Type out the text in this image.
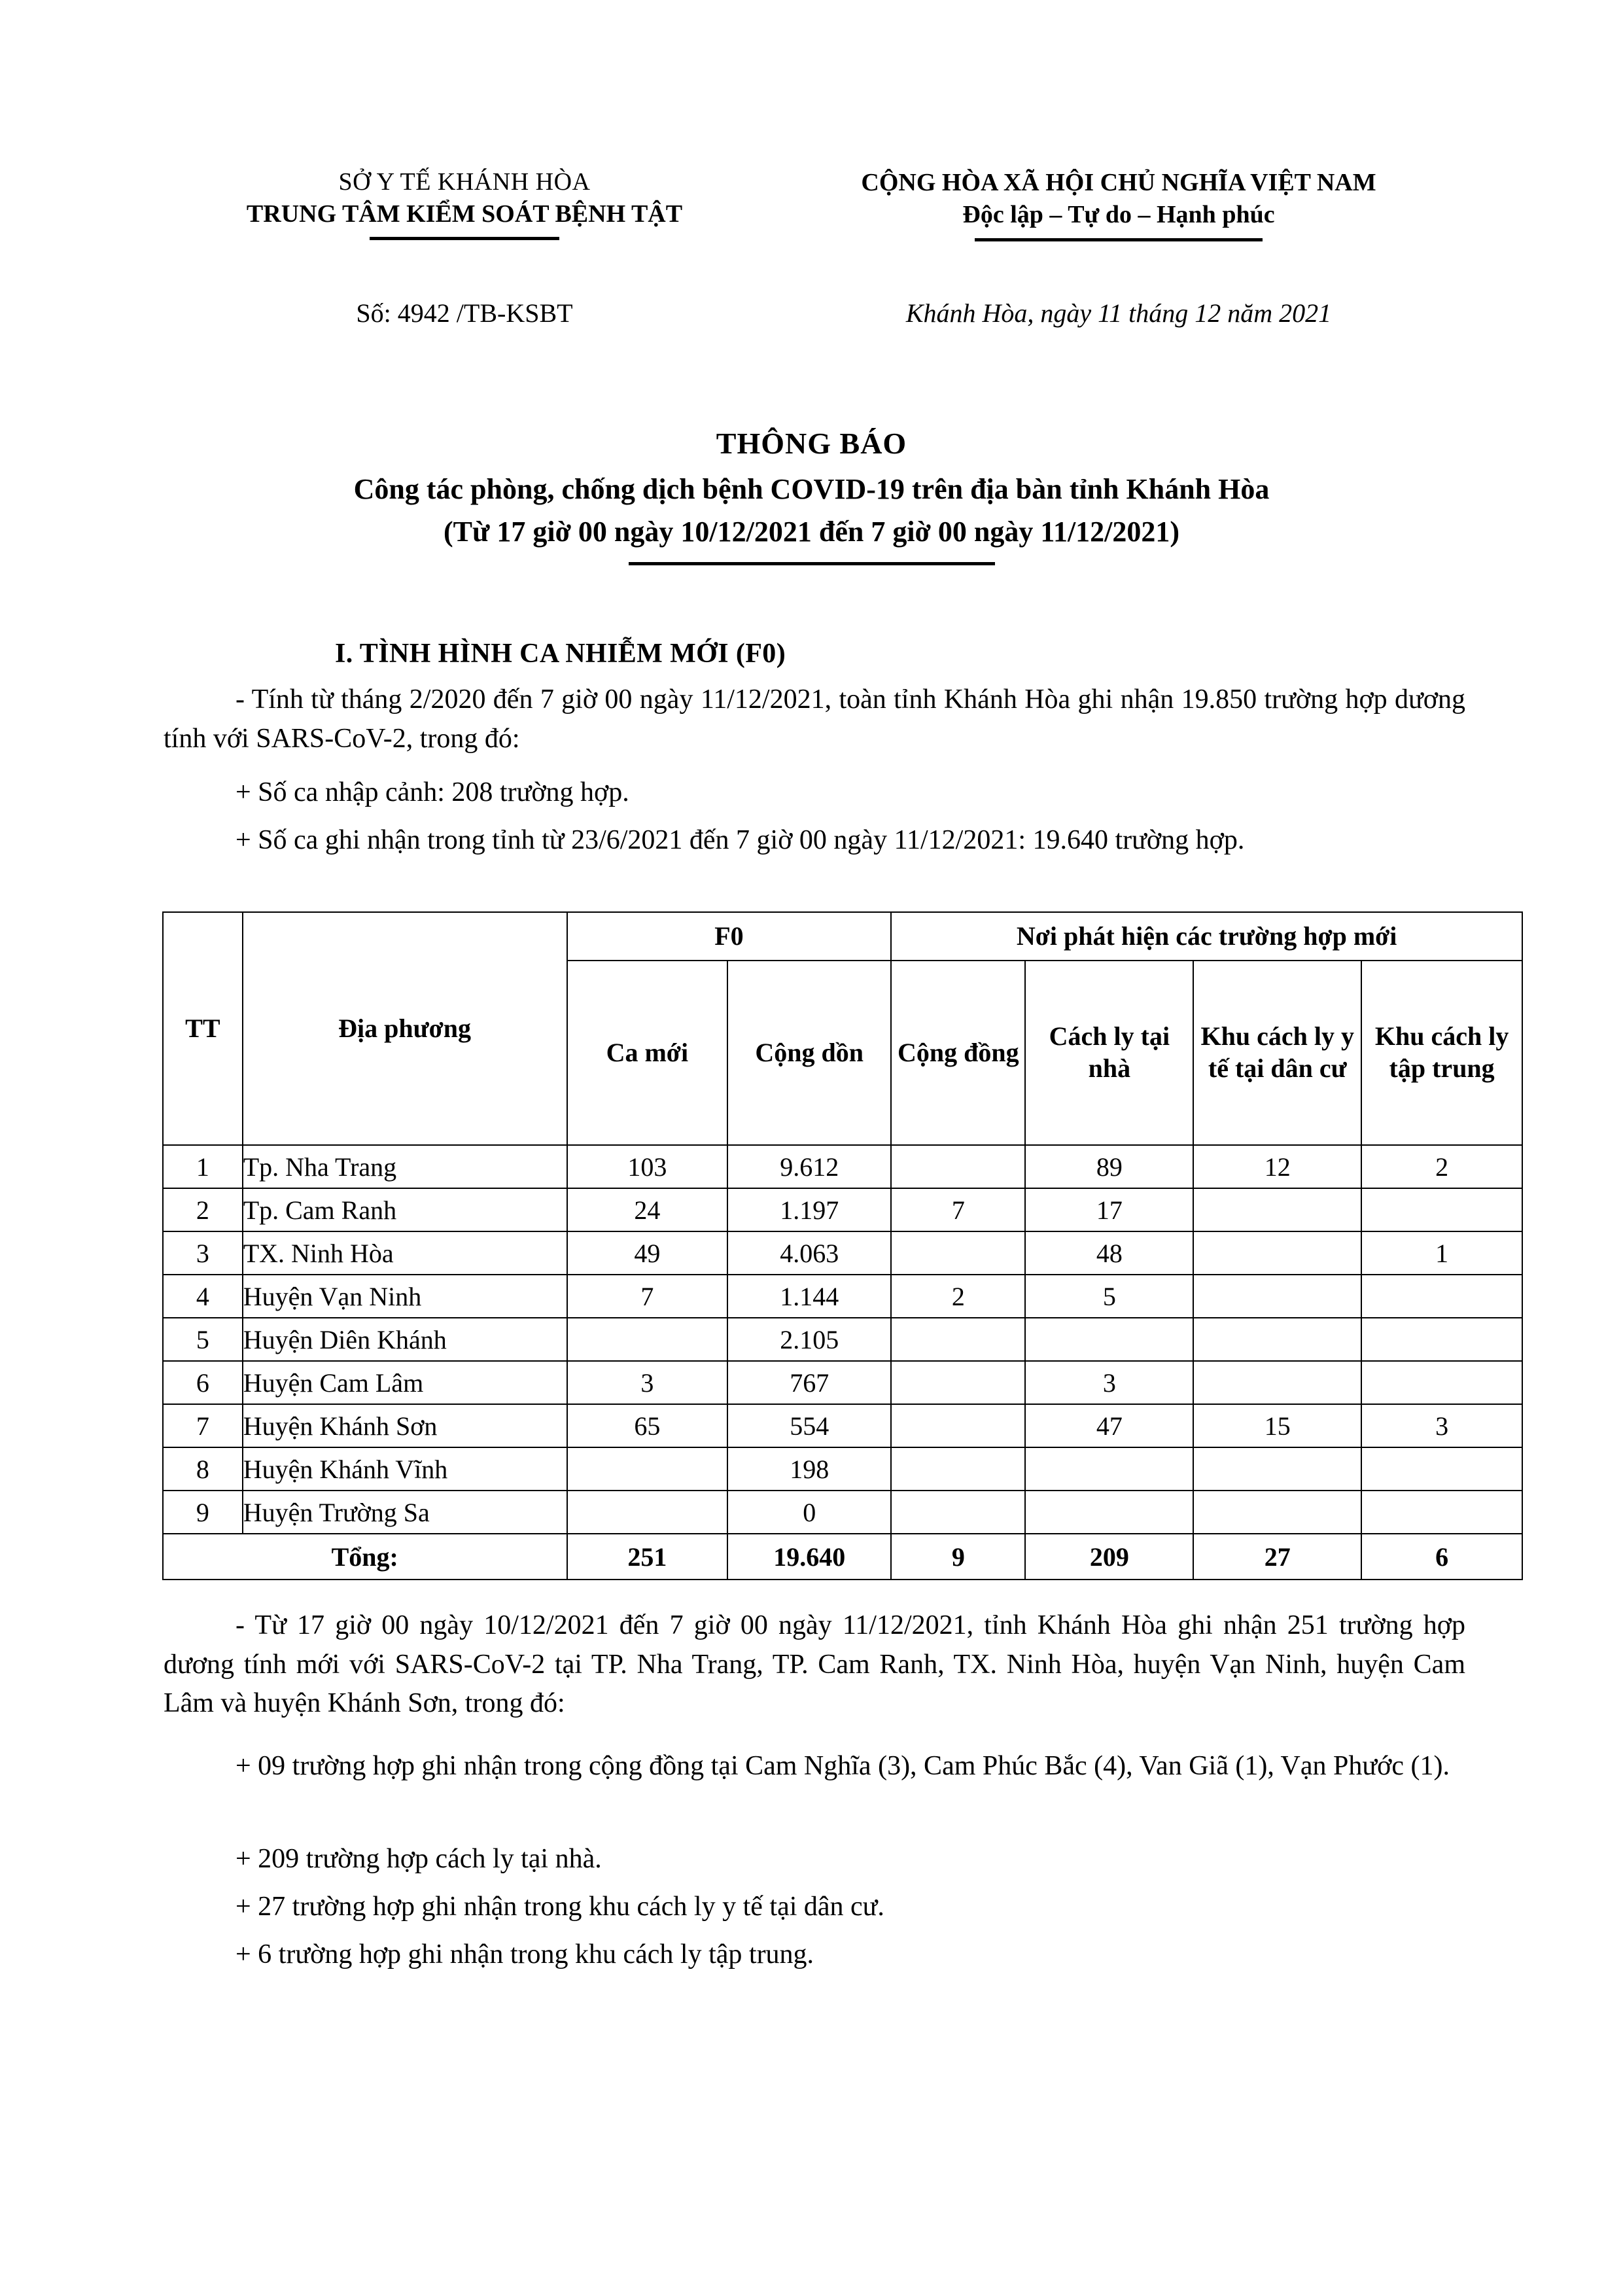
SỞ Y TẾ KHÁNH HÒA
TRUNG TÂM KIỂM SOÁT BỆNH TẬT
CỘNG HÒA XÃ HỘI CHỦ NGHĨA VIỆT NAM
Độc lập – Tự do – Hạnh phúc
Số: 4942 /TB-KSBT	Khánh Hòa, ngày 11 tháng 12 năm 2021
THÔNG BÁO
Công tác phòng, chống dịch bệnh COVID-19 trên địa bàn tỉnh Khánh Hòa
(Từ 17 giờ 00 ngày 10/12/2021 đến 7 giờ 00 ngày 11/12/2021)
I. TÌNH HÌNH CA NHIỄM MỚI (F0)
- Tính từ tháng 2/2020 đến 7 giờ 00 ngày 11/12/2021, toàn tỉnh Khánh Hòa ghi nhận 19.850 trường hợp dương tính với SARS-CoV-2, trong đó:
+ Số ca nhập cảnh: 208 trường hợp.
+ Số ca ghi nhận trong tỉnh từ 23/6/2021 đến 7 giờ 00 ngày 11/12/2021: 19.640 trường hợp.
TT	Địa phương	F0		Nơi phát hiện các trường hợp mới			
		Ca mới	Cộng dồn	Cộng đồng	Cách ly tại nhà	Khu cách ly y tế tại dân cư	Khu cách ly tập trung
1	Tp. Nha Trang	103	9.612		89	12	2
2	Tp. Cam Ranh	24	1.197	7	17		
3	TX. Ninh Hòa	49	4.063		48		1
4	Huyện Vạn Ninh	7	1.144	2	5		
5	Huyện Diên Khánh		2.105				
6	Huyện Cam Lâm	3	767		3		
7	Huyện Khánh Sơn	65	554		47	15	3
8	Huyện Khánh Vĩnh		198				
9	Huyện Trường Sa		0				
Tổng:		251	19.640	9	209	27	6
- Từ 17 giờ 00 ngày 10/12/2021 đến 7 giờ 00 ngày 11/12/2021, tỉnh Khánh Hòa ghi nhận 251 trường hợp dương tính mới với SARS-CoV-2 tại TP. Nha Trang, TP. Cam Ranh, TX. Ninh Hòa, huyện Vạn Ninh, huyện Cam Lâm và huyện Khánh Sơn, trong đó:
+ 09 trường hợp ghi nhận trong cộng đồng tại Cam Nghĩa (3), Cam Phúc Bắc (4), Van Giã (1), Vạn Phước (1).
+ 209 trường hợp cách ly tại nhà.
+ 27 trường hợp ghi nhận trong khu cách ly y tế tại dân cư.
+ 6 trường hợp ghi nhận trong khu cách ly tập trung.
